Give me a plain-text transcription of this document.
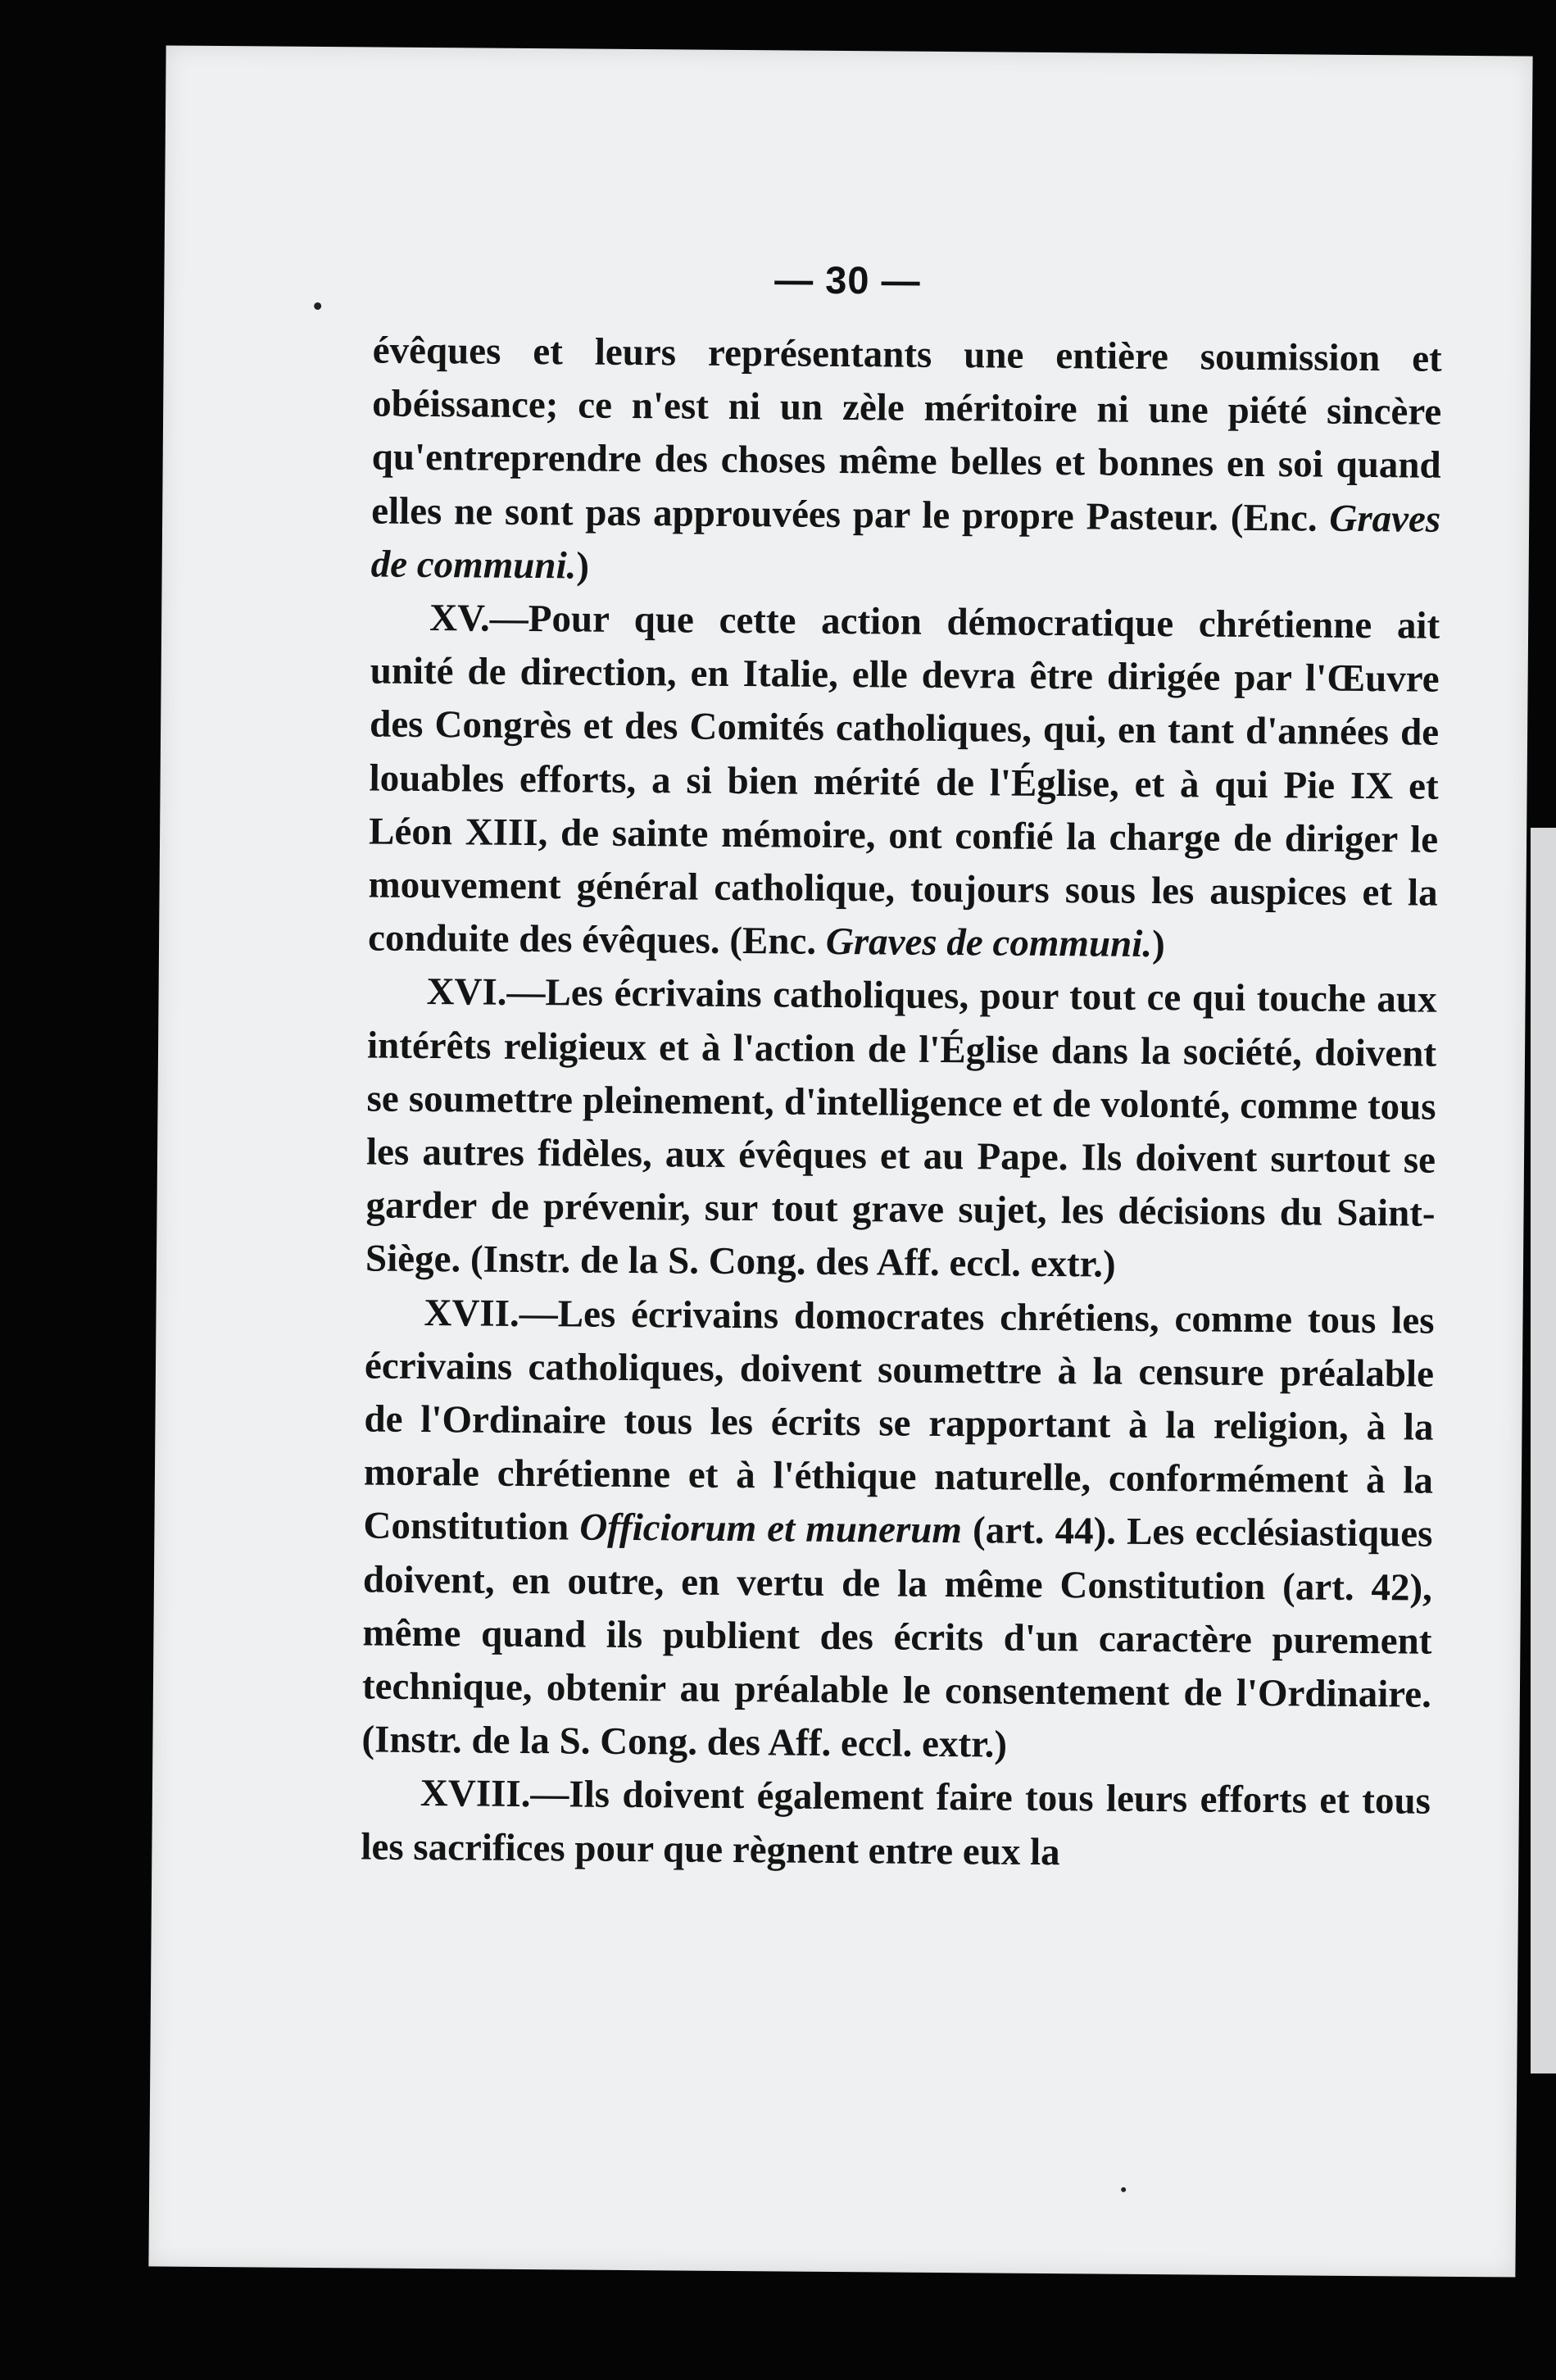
— 30 —

évêques et leurs représentants une entière soumission et obéissance; ce n'est ni un zèle méritoire ni une piété sincère qu'entreprendre des choses même belles et bonnes en soi quand elles ne sont pas approuvées par le propre Pasteur. (Enc. Graves de communi.)

XV.—Pour que cette action démocratique chrétienne ait unité de direction, en Italie, elle devra être dirigée par l'Œuvre des Congrès et des Comités catholiques, qui, en tant d'années de louables efforts, a si bien mérité de l'Église, et à qui Pie IX et Léon XIII, de sainte mémoire, ont confié la charge de diriger le mouvement général catholique, toujours sous les auspices et la conduite des évêques. (Enc. Graves de communi.)

XVI.—Les écrivains catholiques, pour tout ce qui touche aux intérêts religieux et à l'action de l'Église dans la société, doivent se soumettre pleinement, d'intelligence et de volonté, comme tous les autres fidèles, aux évêques et au Pape. Ils doivent surtout se garder de prévenir, sur tout grave sujet, les décisions du Saint-Siège. (Instr. de la S. Cong. des Aff. eccl. extr.)

XVII.—Les écrivains domocrates chrétiens, comme tous les écrivains catholiques, doivent soumettre à la censure préalable de l'Ordinaire tous les écrits se rapportant à la religion, à la morale chrétienne et à l'éthique naturelle, conformément à la Constitution Officiorum et munerum (art. 44). Les ecclésiastiques doivent, en outre, en vertu de la même Constitution (art. 42), même quand ils publient des écrits d'un caractère purement technique, obtenir au préalable le consentement de l'Ordinaire. (Instr. de la S. Cong. des Aff. eccl. extr.)

XVIII.—Ils doivent également faire tous leurs efforts et tous les sacrifices pour que règnent entre eux la
